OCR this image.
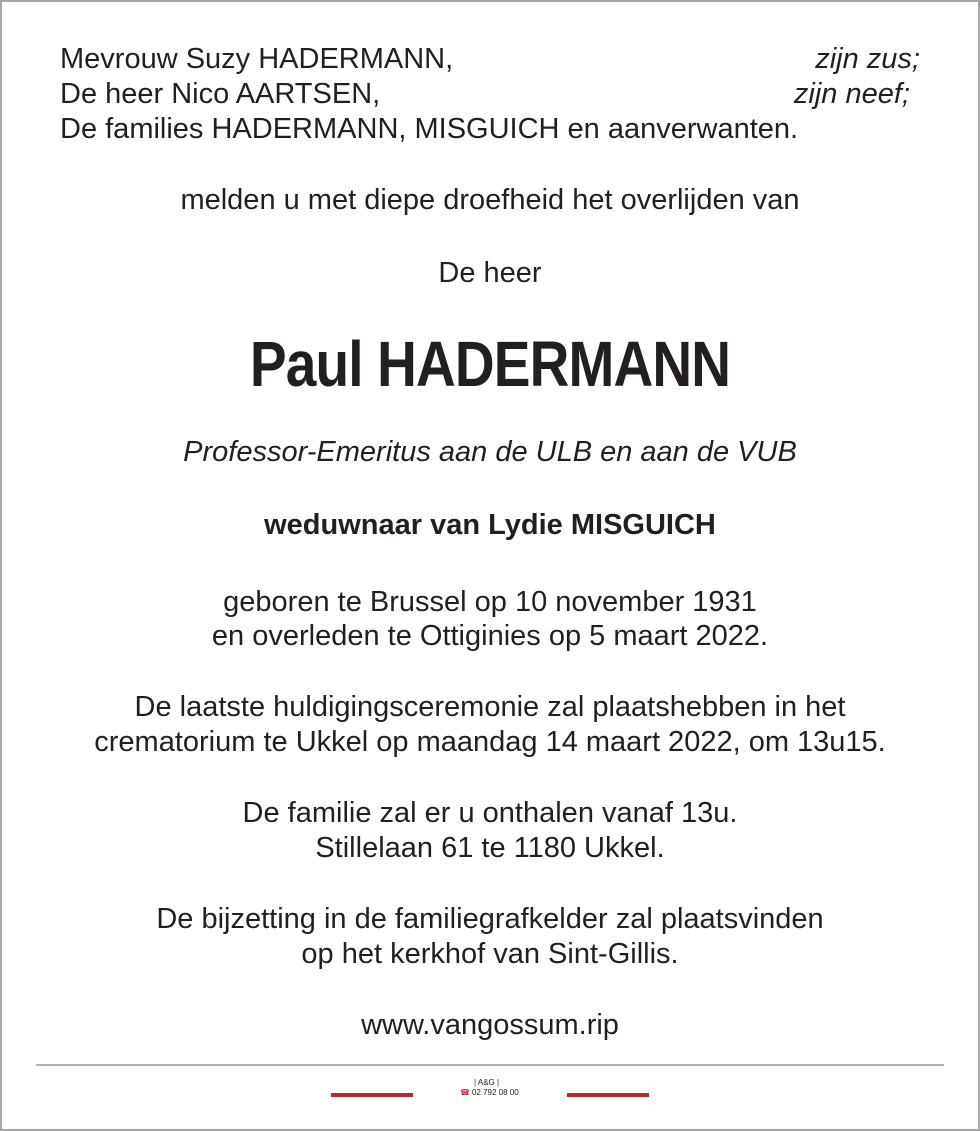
Mevrouw Suzy HADERMANN,	zijn zus;
De heer Nico AARTSEN,	zijn neef;
De families HADERMANN, MISGUICH en aanverwanten.
melden u met diepe droefheid het overlijden van
De heer
Paul HADERMANN
Professor-Emeritus aan de ULB en aan de VUB
weduwnaar van Lydie MISGUICH
geboren te Brussel op 10 november 1931
en overleden te Ottiginies op 5 maart 2022.
De laatste huldigingsceremonie zal plaatshebben in het
crematorium te Ukkel op maandag 14 maart 2022, om 13u15.
De familie zal er u onthalen vanaf 13u.
Stillelaan 61 te 1180 Ukkel.
De bijzetting in de familiegrafkelder zal plaatsvinden
op het kerkhof van Sint-Gillis.
www.vangossum.rip
| A&G |
☎ 02 792 08 00
